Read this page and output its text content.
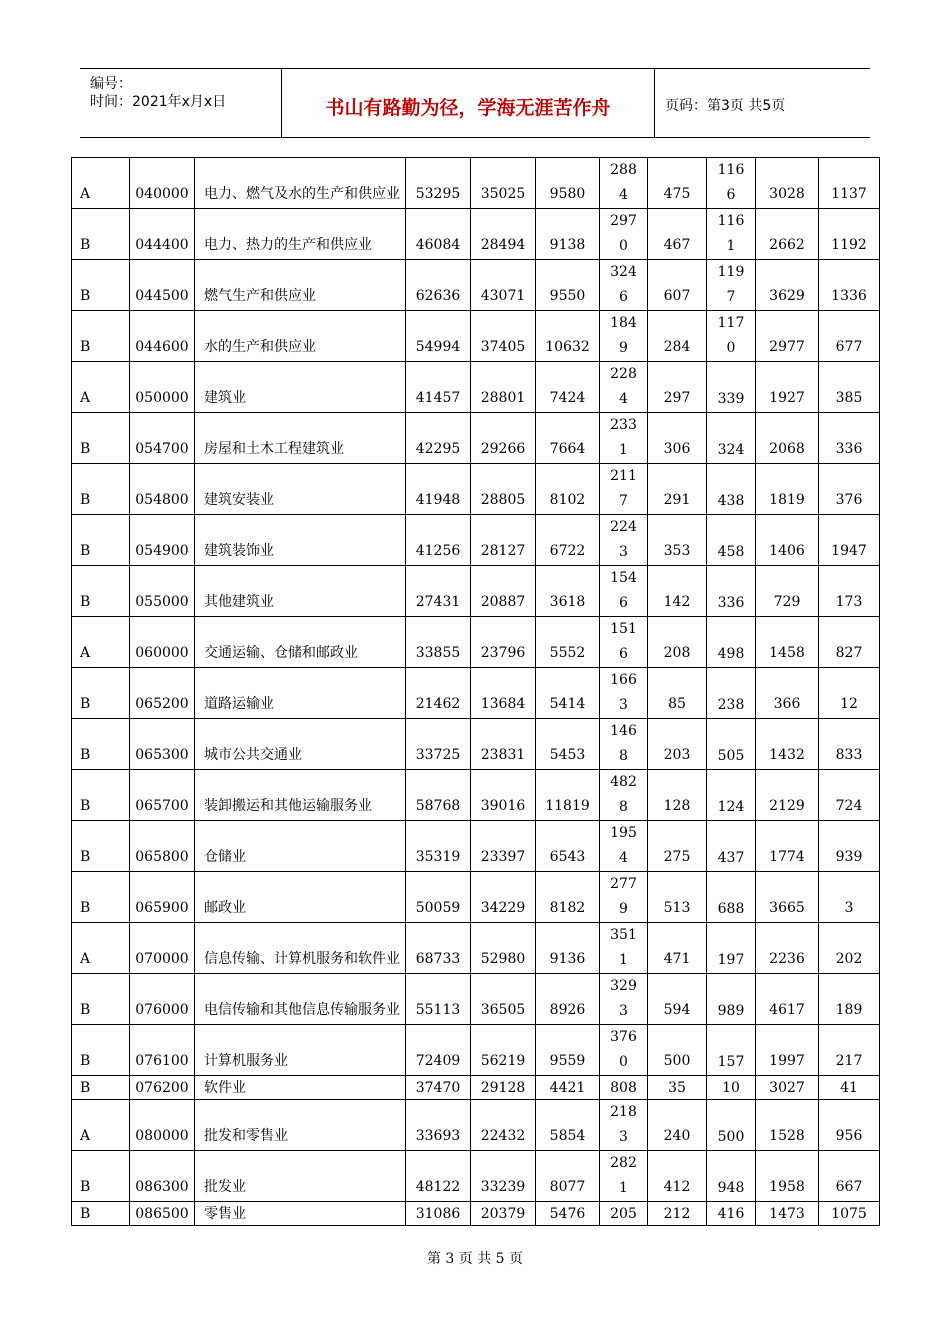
编号：
时间：2021年x月x日	书山有路勤为径，学海无涯苦作舟	页码：第3页 共5页
A	040000	电力、燃气及水的生产和供应业	53295	35025	9580	2884	475	1166	3028	1137
B	044400	电力、热力的生产和供应业	46084	28494	9138	2970	467	1161	2662	1192
B	044500	燃气生产和供应业	62636	43071	9550	3246	607	1197	3629	1336
B	044600	水的生产和供应业	54994	37405	10632	1849	284	1170	2977	677
A	050000	建筑业	41457	28801	7424	2284	297	339	1927	385
B	054700	房屋和土木工程建筑业	42295	29266	7664	2331	306	324	2068	336
B	054800	建筑安装业	41948	28805	8102	2117	291	438	1819	376
B	054900	建筑装饰业	41256	28127	6722	2243	353	458	1406	1947
B	055000	其他建筑业	27431	20887	3618	1546	142	336	729	173
A	060000	交通运输、仓储和邮政业	33855	23796	5552	1516	208	498	1458	827
B	065200	道路运输业	21462	13684	5414	1663	85	238	366	12
B	065300	城市公共交通业	33725	23831	5453	1468	203	505	1432	833
B	065700	装卸搬运和其他运输服务业	58768	39016	11819	4828	128	124	2129	724
B	065800	仓储业	35319	23397	6543	1954	275	437	1774	939
B	065900	邮政业	50059	34229	8182	2779	513	688	3665	3
A	070000	信息传输、计算机服务和软件业	68733	52980	9136	3511	471	197	2236	202
B	076000	电信传输和其他信息传输服务业	55113	36505	8926	3293	594	989	4617	189
B	076100	计算机服务业	72409	56219	9559	3760	500	157	1997	217
B	076200	软件业	37470	29128	4421	808	35	10	3027	41
A	080000	批发和零售业	33693	22432	5854	2183	240	500	1528	956
B	086300	批发业	48122	33239	8077	2821	412	948	1958	667
B	086500	零售业	31086	20379	5476	205	212	416	1473	1075
第 3 页 共 5 页
